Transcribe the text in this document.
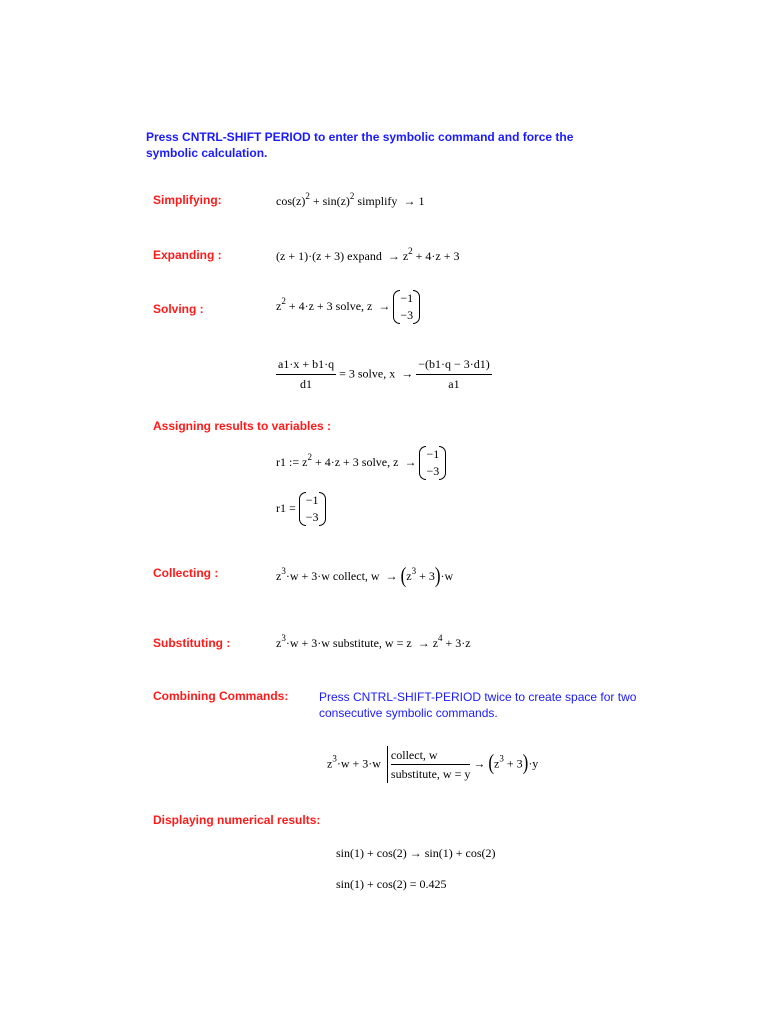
Press CNTRL-SHIFT PERIOD to enter the symbolic command and force the
symbolic calculation.
Simplifying:	$\cos(z)^2 + \sin(z)^2$ simplify → 1
Expanding :	(z + 1)·(z + 3) expand → $z^2 + 4\cdot z + 3$
Solving :	$z^2 + 4\cdot z + 3$ solve, z →
−1
−3
$\frac{a1\cdot x + b1\cdot q}{d1} = 3$ solve, $x \to \frac{-(b1\cdot q - 3\cdot d1)}{a1}$
Assigning results to variables :
r1 := $z^2 + 4\cdot z + 3$ solve, z →
−1
−3
r1 =
−1
−3
Collecting :	$z^3\cdot w + 3\cdot w$ collect, $w \to (z^3 + 3)\cdot w$
Substituting :	$z^3\cdot w + 3\cdot w$ substitute, $w = z \to z^4 + 3\cdot z$
Combining Commands:	Press CNTRL-SHIFT-PERIOD twice to create space for two
consecutive symbolic commands.
$z^3\cdot w + 3\cdot w$
collect, w
substitute, w = y
→ $(z^3 + 3)\cdot y$
Displaying numerical results:
sin(1) + cos(2) → sin(1) + cos(2)
sin(1) + cos(2) = 0.425
